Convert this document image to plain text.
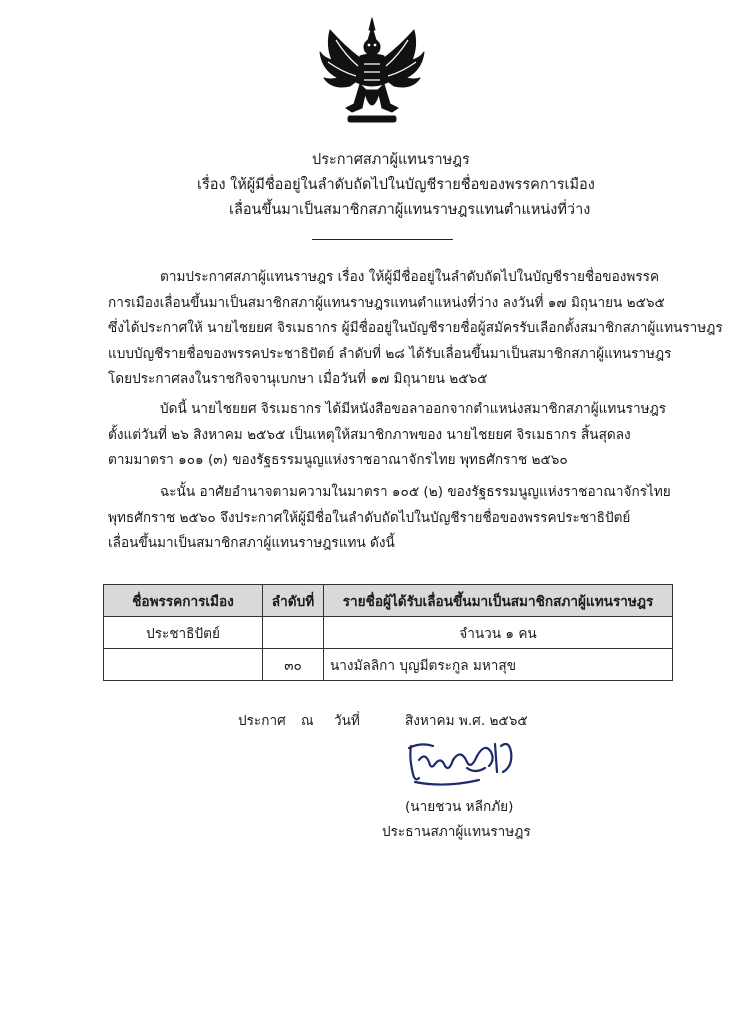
ประกาศสภาผู้แทนราษฎร
เรื่อง ให้ผู้มีชื่ออยู่ในลำดับถัดไปในบัญชีรายชื่อของพรรคการเมือง
เลื่อนขึ้นมาเป็นสมาชิกสภาผู้แทนราษฎรแทนตำแหน่งที่ว่าง
ตามประกาศสภาผู้แทนราษฎร เรื่อง ให้ผู้มีชื่ออยู่ในลำดับถัดไปในบัญชีรายชื่อของพรรค
การเมืองเลื่อนขึ้นมาเป็นสมาชิกสภาผู้แทนราษฎรแทนตำแหน่งที่ว่าง ลงวันที่ ๑๗ มิถุนายน ๒๕๖๕
ซึ่งได้ประกาศให้ นายไชยยศ จิรเมธากร ผู้มีชื่ออยู่ในบัญชีรายชื่อผู้สมัครรับเลือกตั้งสมาชิกสภาผู้แทนราษฎร
แบบบัญชีรายชื่อของพรรคประชาธิปัตย์ ลำดับที่ ๒๘ ได้รับเลื่อนขึ้นมาเป็นสมาชิกสภาผู้แทนราษฎร
โดยประกาศลงในราชกิจจานุเบกษา เมื่อวันที่ ๑๗ มิถุนายน ๒๕๖๕
บัดนี้ นายไชยยศ จิรเมธากร ได้มีหนังสือขอลาออกจากตำแหน่งสมาชิกสภาผู้แทนราษฎร
ตั้งแต่วันที่ ๒๖ สิงหาคม ๒๕๖๕ เป็นเหตุให้สมาชิกภาพของ นายไชยยศ จิรเมธากร สิ้นสุดลง
ตามมาตรา ๑๐๑ (๓) ของรัฐธรรมนูญแห่งราชอาณาจักรไทย พุทธศักราช ๒๕๖๐
ฉะนั้น อาศัยอำนาจตามความในมาตรา ๑๐๕ (๒) ของรัฐธรรมนูญแห่งราชอาณาจักรไทย
พุทธศักราช ๒๕๖๐ จึงประกาศให้ผู้มีชื่อในลำดับถัดไปในบัญชีรายชื่อของพรรคประชาธิปัตย์
เลื่อนขึ้นมาเป็นสมาชิกสภาผู้แทนราษฎรแทน ดังนี้
ชื่อพรรคการเมือง	ลำดับที่	รายชื่อผู้ได้รับเลื่อนขึ้นมาเป็นสมาชิกสภาผู้แทนราษฎร
ประชาธิปัตย์		จำนวน ๑ คน
	๓๐	นางมัลลิกา บุญมีตระกูล มหาสุข
ประกาศ ณ วันที่	สิงหาคม พ.ศ. ๒๕๖๕
(นายชวน หลีกภัย)
ประธานสภาผู้แทนราษฎร
